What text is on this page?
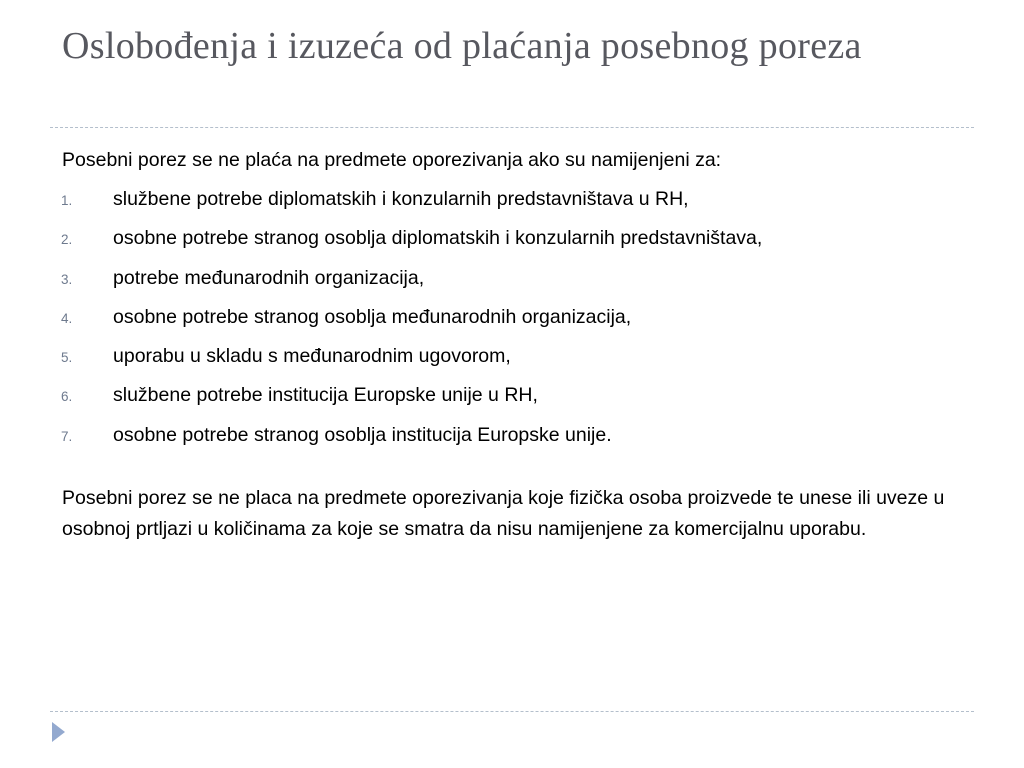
Oslobođenja i izuzeća od plaćanja posebnog poreza

Posebni porez se ne plaća na predmete oporezivanja ako su namijenjeni za:

1. službene potrebe diplomatskih i konzularnih predstavništava u RH,
2. osobne potrebe stranog osoblja diplomatskih i konzularnih predstavništava,
3. potrebe međunarodnih organizacija,
4. osobne potrebe stranog osoblja međunarodnih organizacija,
5. uporabu u skladu s međunarodnim ugovorom,
6. službene potrebe institucija Europske unije u RH,
7. osobne potrebe stranog osoblja institucija Europske unije.

Posebni porez se ne placa na predmete oporezivanja koje fizička osoba proizvede te unese ili uveze u osobnoj prtljazi u količinama za koje se smatra da nisu namijenjene za komercijalnu uporabu.
